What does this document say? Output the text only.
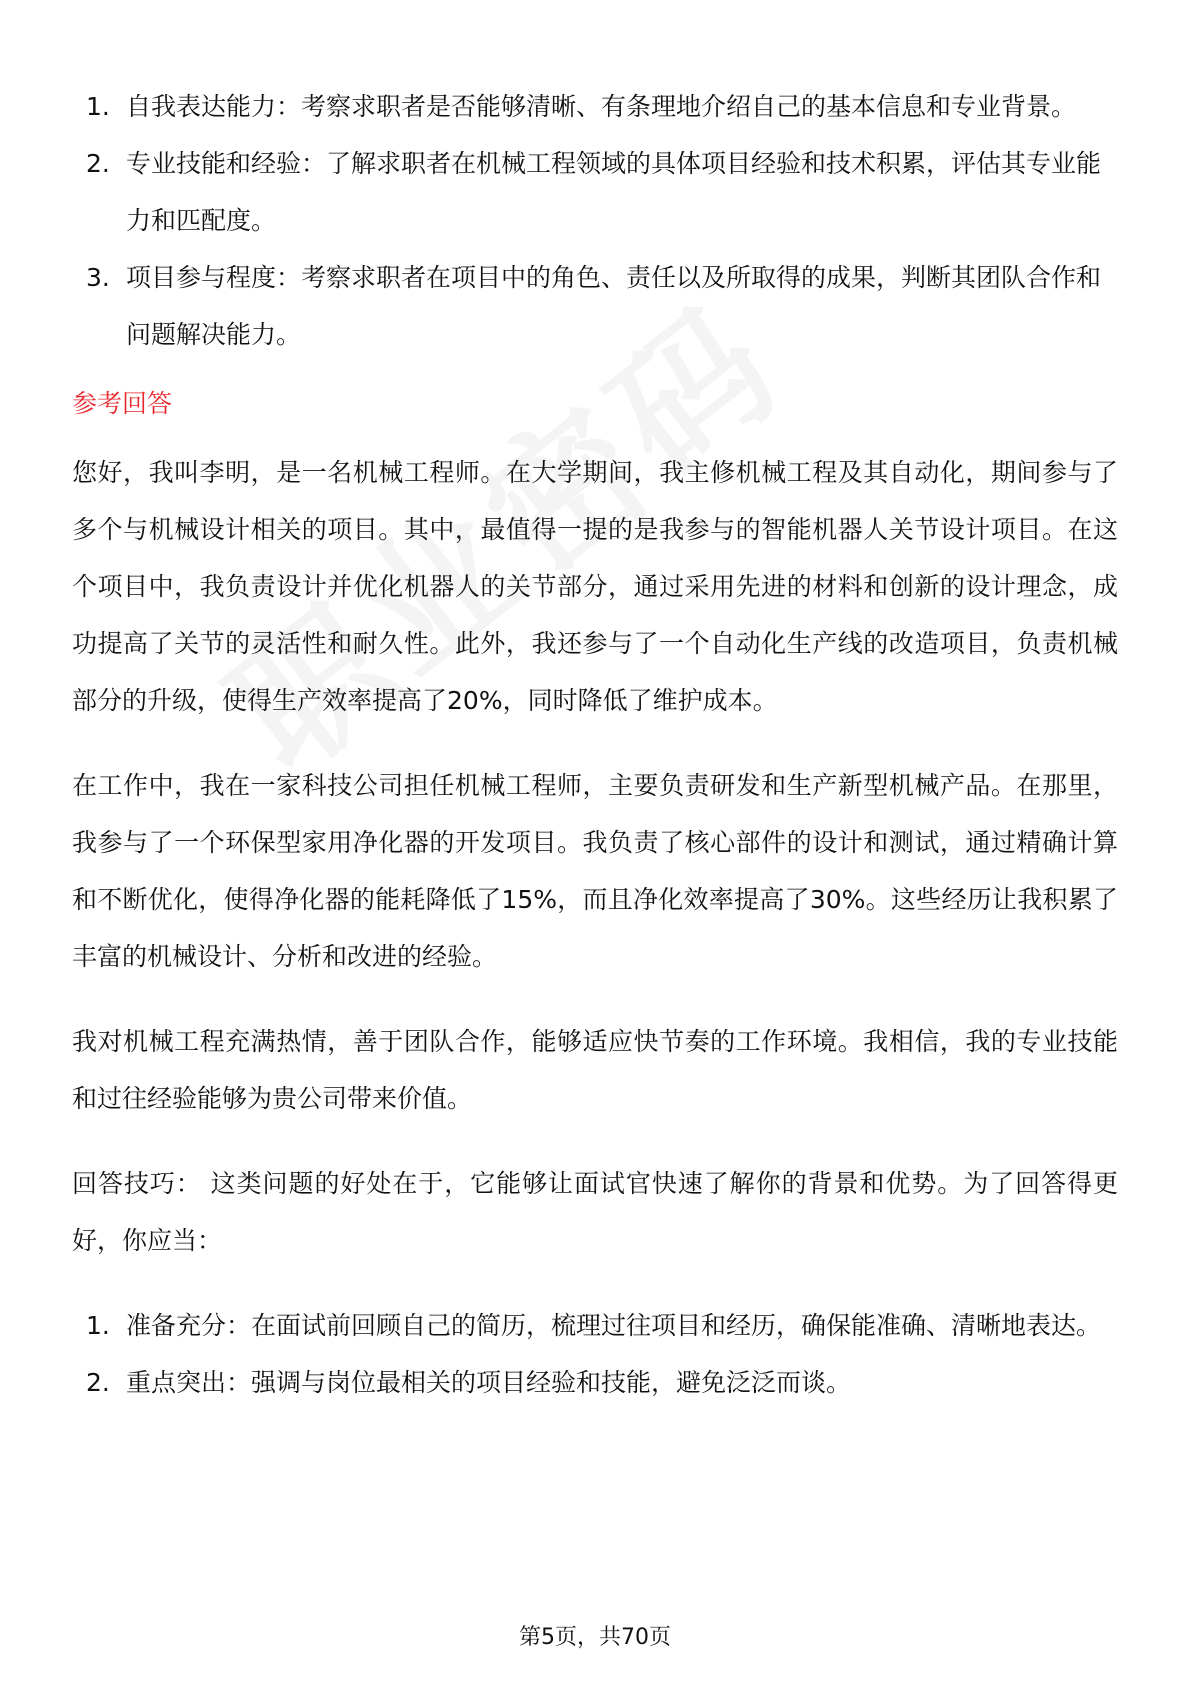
1. 自我表达能力：考察求职者是否能够清晰、有条理地介绍自己的基本信息和专业背景。
2. 专业技能和经验：了解求职者在机械工程领域的具体项目经验和技术积累，评估其专业能力和匹配度。
3. 项目参与程度：考察求职者在项目中的角色、责任以及所取得的成果，判断其团队合作和问题解决能力。
参考回答

您好，我叫李明，是一名机械工程师。在大学期间，我主修机械工程及其自动化，期间参与了多个与机械设计相关的项目。其中，最值得一提的是我参与的智能机器人关节设计项目。在这个项目中，我负责设计并优化机器人的关节部分，通过采用先进的材料和创新的设计理念，成功提高了关节的灵活性和耐久性。此外，我还参与了一个自动化生产线的改造项目，负责机械部分的升级，使得生产效率提高了20%，同时降低了维护成本。

在工作中，我在一家科技公司担任机械工程师，主要负责研发和生产新型机械产品。在那里，我参与了一个环保型家用净化器的开发项目。我负责了核心部件的设计和测试，通过精确计算和不断优化，使得净化器的能耗降低了15%，而且净化效率提高了30%。这些经历让我积累了丰富的机械设计、分析和改进的经验。

我对机械工程充满热情，善于团队合作，能够适应快节奏的工作环境。我相信，我的专业技能和过往经验能够为贵公司带来价值。

回答技巧： 这类问题的好处在于，它能够让面试官快速了解你的背景和优势。为了回答得更好，你应当：

1. 准备充分：在面试前回顾自己的简历，梳理过往项目和经历，确保能准确、清晰地表达。
2. 重点突出：强调与岗位最相关的项目经验和技能，避免泛泛而谈。
第5页，共70页
